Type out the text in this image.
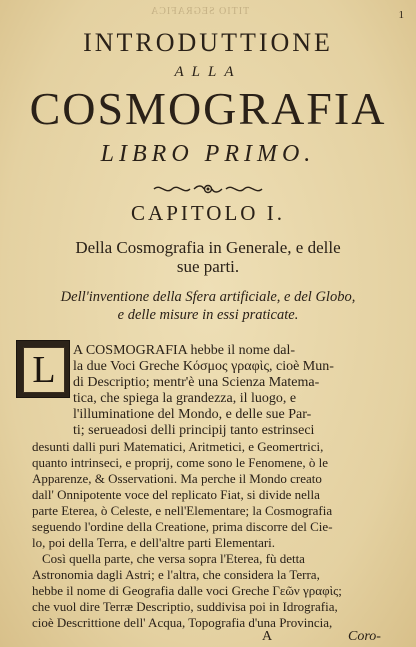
TITIO SEGRAFICA	1
INTRODUTTIONE
ALLA
COSMOGRAFIA
LIBRO PRIMO.
CAPITOLO I.
Della Cosmografia in Generale, e delle
sue parti.
Dell'inventione della Sfera artificiale, e del Globo,
e delle misure in essi praticate.
L	A COSMOGRAFIA hebbe il nome dal-
la due Voci Greche Κόσμος γραφὶς, cioè Mun-
di Descriptio; mentr'è una Scienza Matema-
tica, che spiega la grandezza, il luogo, e
l'illuminatione del Mondo, e delle sue Par-
ti; serueadosi delli principij tanto estrinseci
desunti dalli puri Matematici, Aritmetici, e Geomertrici,
quanto intrinseci, e proprij, come sono le Fenomene, ò le
Apparenze, & Osservationi. Ma perche il Mondo creato
dall' Onnipotente voce del replicato Fiat, si divide nella
parte Eterea, ò Celeste, e nell'Elementare; la Cosmografia
seguendo l'ordine della Creatione, prima discorre del Cie-
lo, poi della Terra, e dell'altre parti Elementari.
Così quella parte, che versa sopra l'Eterea, fù detta
Astronomia dagli Astri; e l'altra, che considera la Terra,
hebbe il nome di Geografia dalle voci Greche Γεῶν γραφὶς;
che vuol dire Terræ Descriptio, suddivisa poi in Idrografia,
cioè Descrittione dell' Acqua, Topografia d'una Provincia,
A	Coro-
